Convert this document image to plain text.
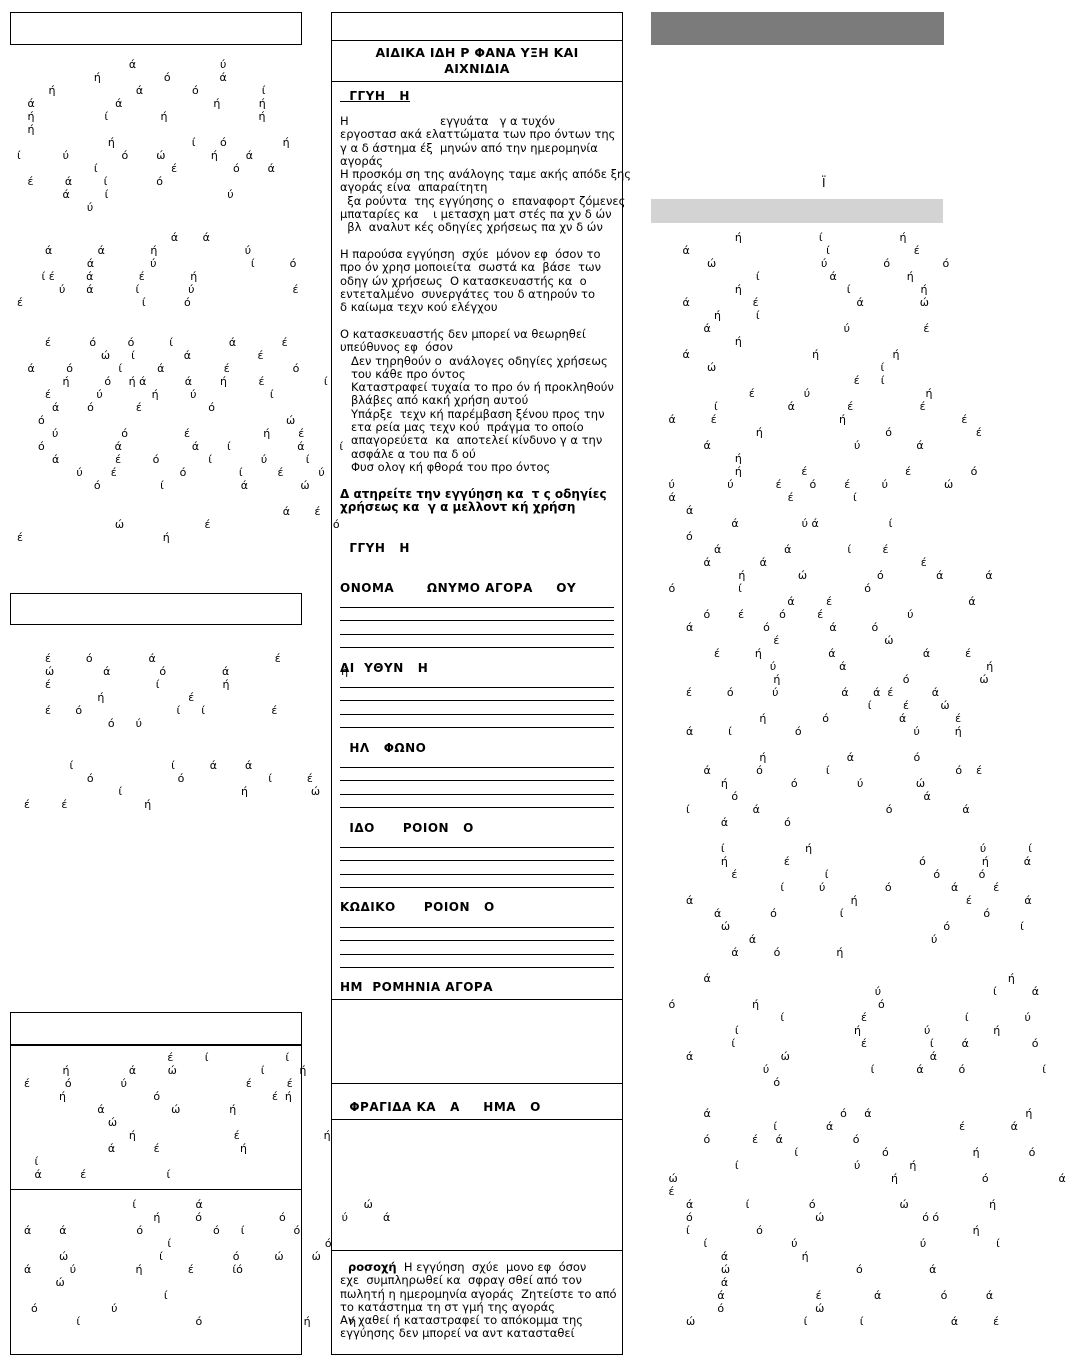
ά                        ύ
ή                  ό              ά
ή                       ά              ό                  ί
ά                       ά                          ή           ή
ή                    ί               ή                          ή
ή
ή                      ί       ό                ή
ί            ύ               ό        ώ             ή        ά
ί                     έ                ό        ά
έ         ά         ί              ό
ά          ί                                  ύ
ύ
ά       ά
ά             ά             ή                         ύ
ά                ύ                           ί          ό
ί έ         ά             έ             ή
ύ      ά            ί              ύ                            έ
έ                                  ί           ό
έ           ό         ό          ί                ά             έ
ώ      ί              ά                   έ
ά         ό             ί          ά                 έ                  ό
ή          ό     ή ά           ά        ή         έ                 ί
έ             ύ              ή         ύ                     ί
ά        ό            έ                   ό
ό                                                                     ώ
ύ                  ό                έ                     ή        έ
ό                    ά                    ά        ί                   ά          ί
ά                έ         ό              ί              ύ           ί
ύ        έ                  ό               ί          έ          ύ
ό                 ί                      ά               ώ

ά       έ
ώ                       έ                                   ό
έ                                        ή
έ          ό                ά                                  έ
ώ              ά              ό                ά                                ή
έ                              ί                  ή
ή                        έ
έ       ό                           ί      ί                   έ
ό      ύ
ί                            ί          ά        ά
ό                        ό                        ί          έ
ί                                  ή                  ώ
έ         έ                      ή
έ         ί                      ί
ή                 ά         ώ                        ί          ή
έ          ό              ύ                                  έ          έ
ή                         ό                                έ  ή
ά                   ώ              ή
ώ
ή                            έ                        ή
ά           έ                       ή
ί
ά           έ                       ί
ί                 ά                                              ώ
ή          ό                      ό                ύ          ά
ά        ά                    ό                    ό      ί              ό
ί                                            ό
ώ                          ί                    ό          ώ        ώ
ά           ύ                 ή             έ           ίό
ώ
ί
ό                     ύ
ί                                 ό                             ή           ή
ΑΙΔΙΚΑ ΙΔΗ Ρ ΦΑΝΑ ΥΞΗ ΚΑΙ
ΑΙΧΝΙΔΙΑ
ΓΓΥΗ   Η
Η                         εγγυάτα   γ α τυχόν
εργοστασ ακά ελαττώματα των προ όντων της
γ α δ άστημα έξ  μηνών από την ημερομηνία
αγοράς
Η προσκόμ ση της ανάλογης ταμε ακής απόδε ξης
αγοράς είνα  απαραίτητη
ξα ρούντα  της εγγύησης ο  επαναφορτ ζόμενες
μπαταρίες κα    ι μετασχη ματ στές πα χν δ ών
βλ  αναλυτ κές οδηγίες χρήσεως πα χν δ ών
Η παρούσα εγγύηση  σχύε  μόνον εφ  όσον το
προ όν χρησ μοποιείτα  σωστά κα  βάσε  των
οδηγ ών χρήσεως  Ο κατασκευαστής κα  ο
εντεταλμένο  συνεργάτες του δ ατηρούν το
δ καίωμα τεχν κού ελέγχου
Ο κατασκευαστής δεν μπορεί να θεωρηθεί
υπεύθυνος εφ  όσον
Δεν τηρηθούν ο  ανάλογες οδηγίες χρήσεως
του κάθε προ όντος
Καταστραφεί τυχαία το προ όν ή προκληθούν
βλάβες από κακή χρήση αυτού
Υπάρξε  τεχν κή παρέμβαση ξένου προς την
ετα ρεία μας τεχν κού  πράγμα το οποίο
απαγορεύετα  κα  αποτελεί κίνδυνο γ α την
ασφάλε α του πα δ ού
Φυσ ολογ κή φθορά του προ όντος
Δ ατηρείτε την εγγύηση κα  τ ς οδηγίες
χρήσεως κα  γ α μελλοντ κή χρήση
ΓΓΥΗ   Η
ΟΝΟΜΑ       ΩΝΥΜΟ ΑΓΟΡΑ     ΟΥ
ΔΙ  ΥΘΥΝ   Η
ΗΛ   ΦΩΝΟ
ΙΔΟ      ΡΟΙΟΝ   Ο
ΚΩΔΙΚΟ      ΡΟΙΟΝ   Ο
ΗΜ  ΡΟΜΗΝΙΑ ΑΓΟΡΑ
ΦΡΑΓΙΔΑ ΚΑ   Α     ΗΜΑ   Ο
ροσοχή  Η εγγύηση  σχύε  μονο εφ  όσον
εχε  συμπληρωθεί κα  σφραγ σθεί από τον
πωλητή η ημερομηνία αγοράς  Ζητείστε το από
το κατάστημα τη στ γμή της αγοράς
Αν χαθεί ή καταστραφεί το απόκομμα της
εγγύησης δεν μπορεί να αντ κατασταθεί
Ϊ
ή                      ί                      ή
ά                                       ί                        έ
ώ                              ύ                ό               ό
ί                    ά                    ή
ή                              ί                    ή
ά                  έ                            ά                ώ
ή          ί
ά                                      ύ                     έ
ή
ά                                   ή                     ή
ώ                                               ί
έ      ί
έ              ύ                                 ή
ί                    ά               έ                   έ
ά          έ                                   ή                                 έ
ή                                   ό                        έ
ά                                         ύ                ά
ή
ή                 έ                            έ                 ό
ύ               ύ            έ        ό        έ         ύ                ώ
ά                                έ                 ί
ά
ά                  ύ ά                    ί
ό
ά                  ά                ί         έ
ά              ά                                            έ
ή               ώ                    ό               ά            ά
ό                  ί                                   ό
ά         έ                                       ά
ό        έ          ό         έ                        ύ
ά                    ό                 ά          ό
έ                              ώ
έ          ή                   ά                         ά          έ
ύ                  ά                                        ή
ή                                   ό                    ώ
έ          ό           ύ                  ά       ά  έ           ά
ί         έ         ώ
ή                ό                    ά              έ
ά          ί                  ό                                ύ          ή

ή                       ά                 ό
ά             ό                  ί                                    ό    έ
ή                  ό                 ύ               ώ
ό                                                     ά
ί                  ά                                    ό                    ά
ά                ό

ί                       ή                                                ύ            ί
ή                έ                                     ό                ή          ά
έ                         ί                              ό           ό
ί          ύ                 ό                 ά          έ
ά                                             ή                               έ               ά
ά              ό                  ί                                        ό
ώ                                                             ό                    ί
ά                                                  ύ
ά          ό                ή

ά                                                                                     ή
ύ                                ί          ά
ό                      ή                                  ό
ί                      έ                            ί                ύ
ί                                 ή                  ύ                  ή
ί                                    έ                  ί        ά                  ό
ά                         ώ                                        ά
ύ                             ί            ά          ό                      ί
ό
ά                                     ό     ά                                            ή
ί              ά                                    έ             ά
ό            έ     ά                    ό
ί                        ό                        ή              ό
ί                                 ύ              ή
ώ                                                             ή                        ό                    ά
έ
ά               ί                 ό                        ώ                       ή
ό                                   ώ                            ό ό
ί                   ό                                                            ή
ί                        ύ                                   ύ                    ί
ά                     ή
ώ                                    ό                   ά
ά
ά                          έ               ά                 ό           ά
ό                          ώ
ώ                               ί               ί                         ά          έ
